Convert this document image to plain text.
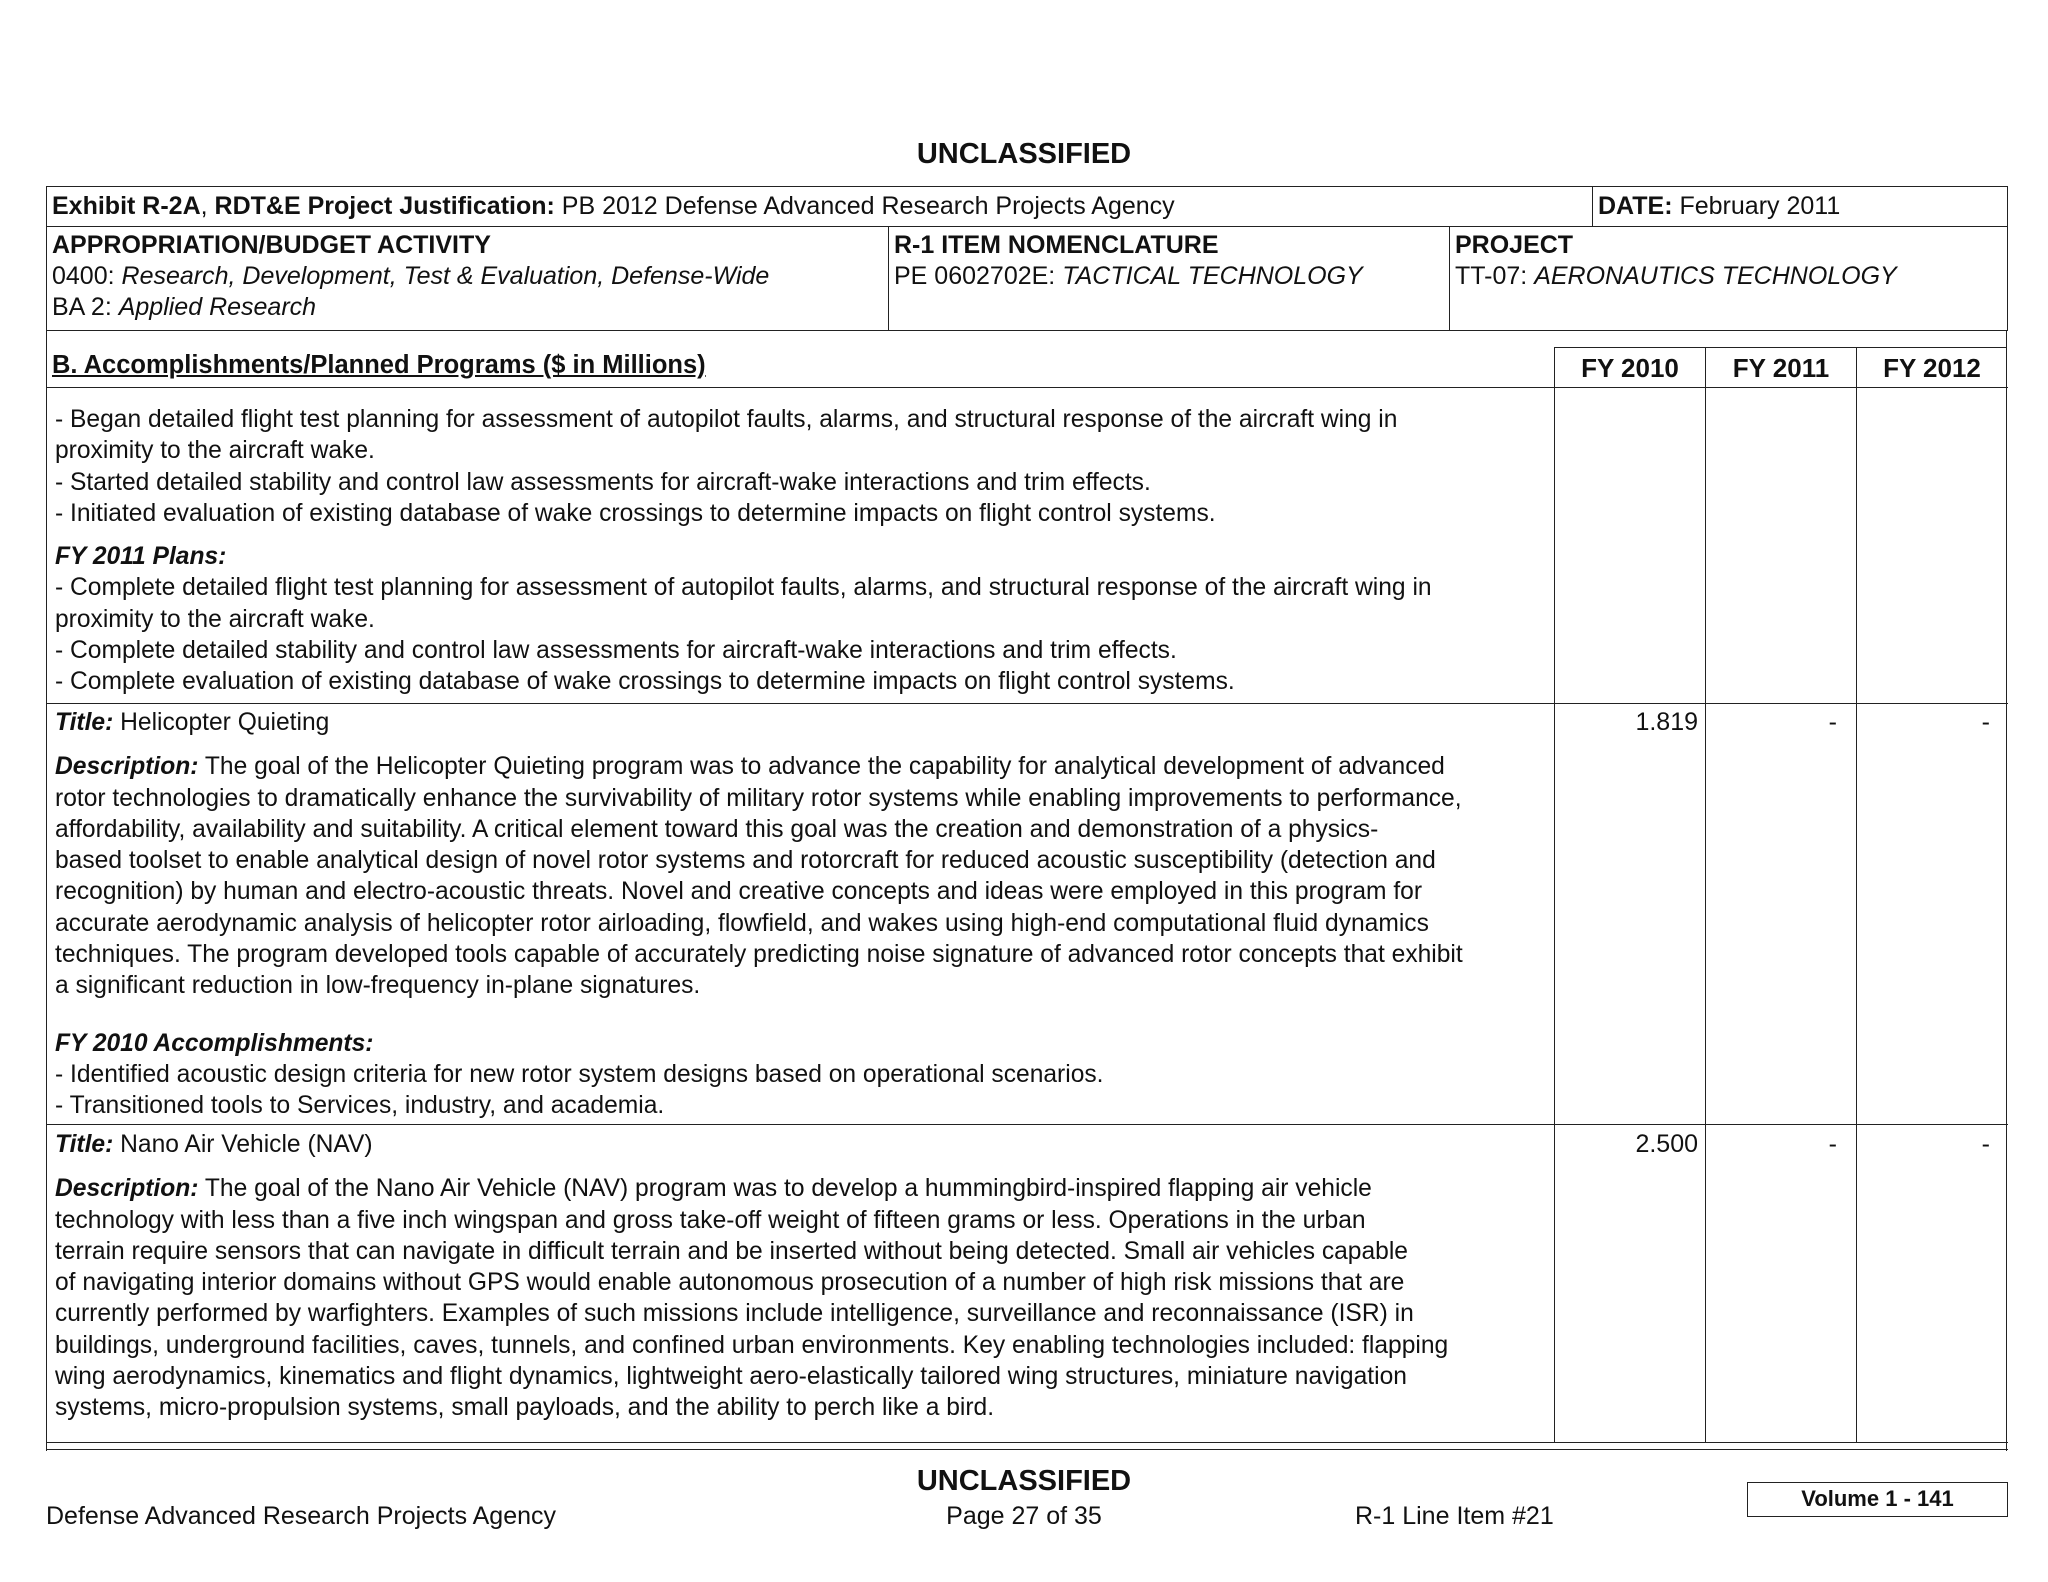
UNCLASSIFIED
Exhibit R-2A, RDT&E Project Justification: PB 2012 Defense Advanced Research Projects Agency	DATE: February 2011
APPROPRIATION/BUDGET ACTIVITY
0400: Research, Development, Test & Evaluation, Defense-Wide
BA 2: Applied Research
R-1 ITEM NOMENCLATURE
PE 0602702E: TACTICAL TECHNOLOGY
PROJECT
TT-07: AERONAUTICS TECHNOLOGY
B. Accomplishments/Planned Programs ($ in Millions)	FY 2010	FY 2011	FY 2012
- Began detailed flight test planning for assessment of autopilot faults, alarms, and structural response of the aircraft wing in
proximity to the aircraft wake.
- Started detailed stability and control law assessments for aircraft-wake interactions and trim effects.
- Initiated evaluation of existing database of wake crossings to determine impacts on flight control systems.
FY 2011 Plans:
- Complete detailed flight test planning for assessment of autopilot faults, alarms, and structural response of the aircraft wing in
proximity to the aircraft wake.
- Complete detailed stability and control law assessments for aircraft-wake interactions and trim effects.
- Complete evaluation of existing database of wake crossings to determine impacts on flight control systems.
Title: Helicopter Quieting
Description: The goal of the Helicopter Quieting program was to advance the capability for analytical development of advanced
rotor technologies to dramatically enhance the survivability of military rotor systems while enabling improvements to performance,
affordability, availability and suitability. A critical element toward this goal was the creation and demonstration of a physics-
based toolset to enable analytical design of novel rotor systems and rotorcraft for reduced acoustic susceptibility (detection and
recognition) by human and electro-acoustic threats. Novel and creative concepts and ideas were employed in this program for
accurate aerodynamic analysis of helicopter rotor airloading, flowfield, and wakes using high-end computational fluid dynamics
techniques. The program developed tools capable of accurately predicting noise signature of advanced rotor concepts that exhibit
a significant reduction in low-frequency in-plane signatures.
FY 2010 Accomplishments:
- Identified acoustic design criteria for new rotor system designs based on operational scenarios.
- Transitioned tools to Services, industry, and academia.
1.819	-	-
Title: Nano Air Vehicle (NAV)
Description: The goal of the Nano Air Vehicle (NAV) program was to develop a hummingbird-inspired flapping air vehicle
technology with less than a five inch wingspan and gross take-off weight of fifteen grams or less. Operations in the urban
terrain require sensors that can navigate in difficult terrain and be inserted without being detected. Small air vehicles capable
of navigating interior domains without GPS would enable autonomous prosecution of a number of high risk missions that are
currently performed by warfighters. Examples of such missions include intelligence, surveillance and reconnaissance (ISR) in
buildings, underground facilities, caves, tunnels, and confined urban environments. Key enabling technologies included: flapping
wing aerodynamics, kinematics and flight dynamics, lightweight aero-elastically tailored wing structures, miniature navigation
systems, micro-propulsion systems, small payloads, and the ability to perch like a bird.
2.500	-	-
UNCLASSIFIED
Defense Advanced Research Projects Agency	Page 27 of 35	R-1 Line Item #21
Volume 1 - 141
